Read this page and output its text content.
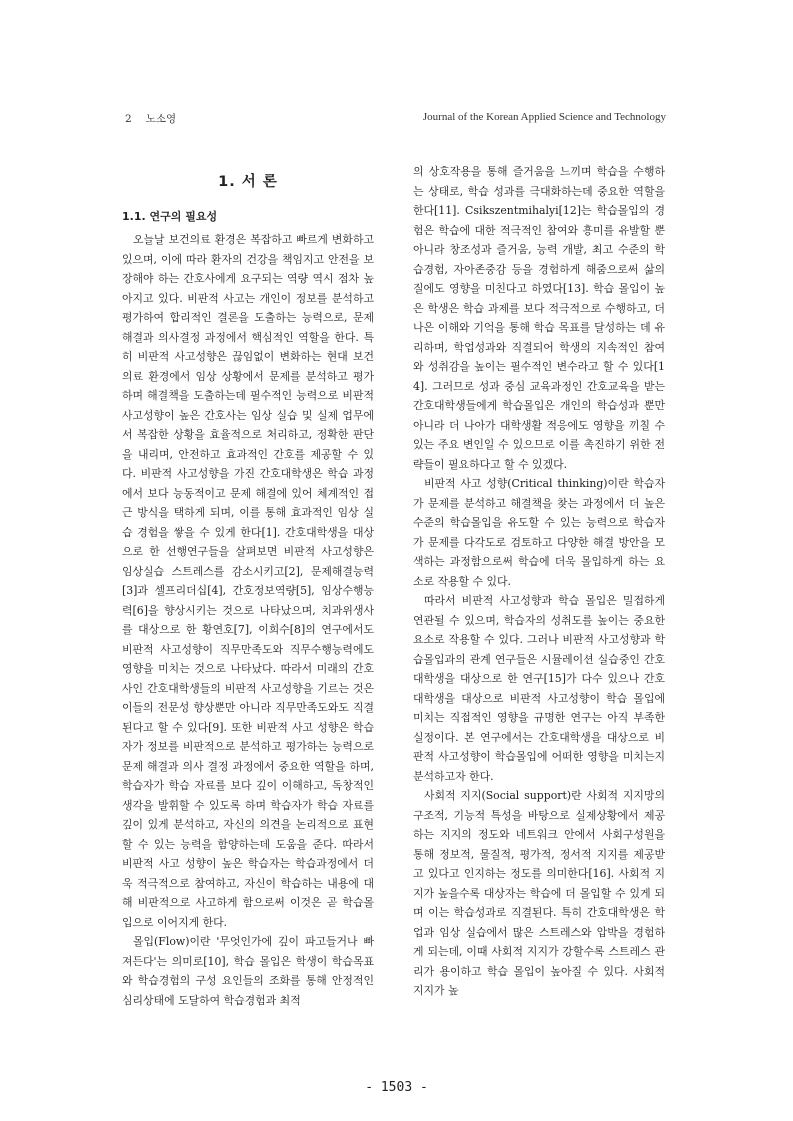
2 노소영	Journal of the Korean Applied Science and Technology
1. 서 론
1.1. 연구의 필요성

오늘날 보건의료 환경은 복잡하고 빠르게 변화하고 있으며, 이에 따라 환자의 건강을 책임지고 안전을 보장해야 하는 간호사에게 요구되는 역량 역시 점차 높아지고 있다. 비판적 사고는 개인이 정보를 분석하고 평가하여 합리적인 결론을 도출하는 능력으로, 문제 해결과 의사결정 과정에서 핵심적인 역할을 한다. 특히 비판적 사고성향은 끊임없이 변화하는 현대 보건의료 환경에서 임상 상황에서 문제를 분석하고 평가하며 해결책을 도출하는데 필수적인 능력으로 비판적 사고성향이 높은 간호사는 임상 실습 및 실제 업무에서 복잡한 상황을 효율적으로 처리하고, 정확한 판단을 내리며, 안전하고 효과적인 간호를 제공할 수 있다. 비판적 사고성향을 가진 간호대학생은 학습 과정에서 보다 능동적이고 문제 해결에 있어 체계적인 접근 방식을 택하게 되며, 이를 통해 효과적인 임상 실습 경험을 쌓을 수 있게 한다[1]. 간호대학생을 대상으로 한 선행연구들을 살펴보면 비판적 사고성향은 임상실습 스트레스를 감소시키고[2], 문제해결능력[3]과 셀프리더십[4], 간호정보역량[5], 임상수행능력[6]을 향상시키는 것으로 나타났으며, 치과위생사를 대상으로 한 황연호[7], 이희수[8]의 연구에서도 비판적 사고성향이 직무만족도와 직무수행능력에도 영향을 미치는 것으로 나타났다. 따라서 미래의 간호사인 간호대학생들의 비판적 사고성향을 기르는 것은 이들의 전문성 향상뿐만 아니라 직무만족도와도 직결된다고 할 수 있다[9]. 또한 비판적 사고 성향은 학습자가 정보를 비판적으로 분석하고 평가하는 능력으로 문제 해결과 의사 결정 과정에서 중요한 역할을 하며, 학습자가 학습 자료를 보다 깊이 이해하고, 독창적인 생각을 발휘할 수 있도록 하며 학습자가 학습 자료를 깊이 있게 분석하고, 자신의 의견을 논리적으로 표현할 수 있는 능력을 함양하는데 도움을 준다. 따라서 비판적 사고 성향이 높은 학습자는 학습과정에서 더욱 적극적으로 참여하고, 자신이 학습하는 내용에 대해 비판적으로 사고하게 함으로써 이것은 곧 학습몰입으로 이어지게 한다.

몰입(Flow)이란 '무엇인가에 깊이 파고들거나 빠져든다'는 의미로[10], 학습 몰입은 학생이 학습목표와 학습경험의 구성 요인들의 조화를 통해 안정적인 심리상태에 도달하여 학습경험과 최적

의 상호작용을 통해 즐거움을 느끼며 학습을 수행하는 상태로, 학습 성과를 극대화하는데 중요한 역할을 한다[11]. Csikszentmihalyi[12]는 학습몰입의 경험은 학습에 대한 적극적인 참여와 흥미를 유발할 뿐 아니라 창조성과 즐거움, 능력 개발, 최고 수준의 학습경험, 자아존중감 등을 경험하게 해줌으로써 삶의 질에도 영향을 미친다고 하였다[13]. 학습 몰입이 높은 학생은 학습 과제를 보다 적극적으로 수행하고, 더 나은 이해와 기억을 통해 학습 목표를 달성하는 데 유리하며, 학업성과와 직결되어 학생의 지속적인 참여와 성취감을 높이는 필수적인 변수라고 할 수 있다[14]. 그러므로 성과 중심 교육과정인 간호교육을 받는 간호대학생들에게 학습몰입은 개인의 학습성과 뿐만아니라 더 나아가 대학생활 적응에도 영향을 끼칠 수 있는 주요 변인일 수 있으므로 이를 촉진하기 위한 전략들이 필요하다고 할 수 있겠다.

비판적 사고 성향(Critical thinking)이란 학습자가 문제를 분석하고 해결책을 찾는 과정에서 더 높은 수준의 학습몰입을 유도할 수 있는 능력으로 학습자가 문제를 다각도로 검토하고 다양한 해결 방안을 모색하는 과정함으로써 학습에 더욱 몰입하게 하는 요소로 작용할 수 있다.

따라서 비판적 사고성향과 학습 몰입은 밀접하게 연관될 수 있으며, 학습자의 성취도를 높이는 중요한 요소로 작용할 수 있다. 그러나 비판적 사고성향과 학습몰입과의 관계 연구들은 시뮬레이션 실습중인 간호대학생을 대상으로 한 연구[15]가 다수 있으나 간호대학생을 대상으로 비판적 사고성향이 학습 몰입에 미치는 직접적인 영향을 규명한 연구는 아직 부족한 실정이다. 본 연구에서는 간호대학생을 대상으로 비판적 사고성향이 학습몰입에 어떠한 영향을 미치는지 분석하고자 한다.

사회적 지지(Social support)란 사회적 지지망의 구조적, 기능적 특성을 바탕으로 실제상황에서 제공하는 지지의 정도와 네트워크 안에서 사회구성원을 통해 정보적, 물질적, 평가적, 정서적 지지를 제공받고 있다고 인지하는 정도를 의미한다[16]. 사회적 지지가 높을수록 대상자는 학습에 더 몰입할 수 있게 되며 이는 학습성과로 직결된다. 특히 간호대학생은 학업과 임상 실습에서 많은 스트레스와 압박을 경험하게 되는데, 이때 사회적 지지가 강할수록 스트레스 관리가 용이하고 학습 몰입이 높아질 수 있다. 사회적 지지가 높

- 1503 -
